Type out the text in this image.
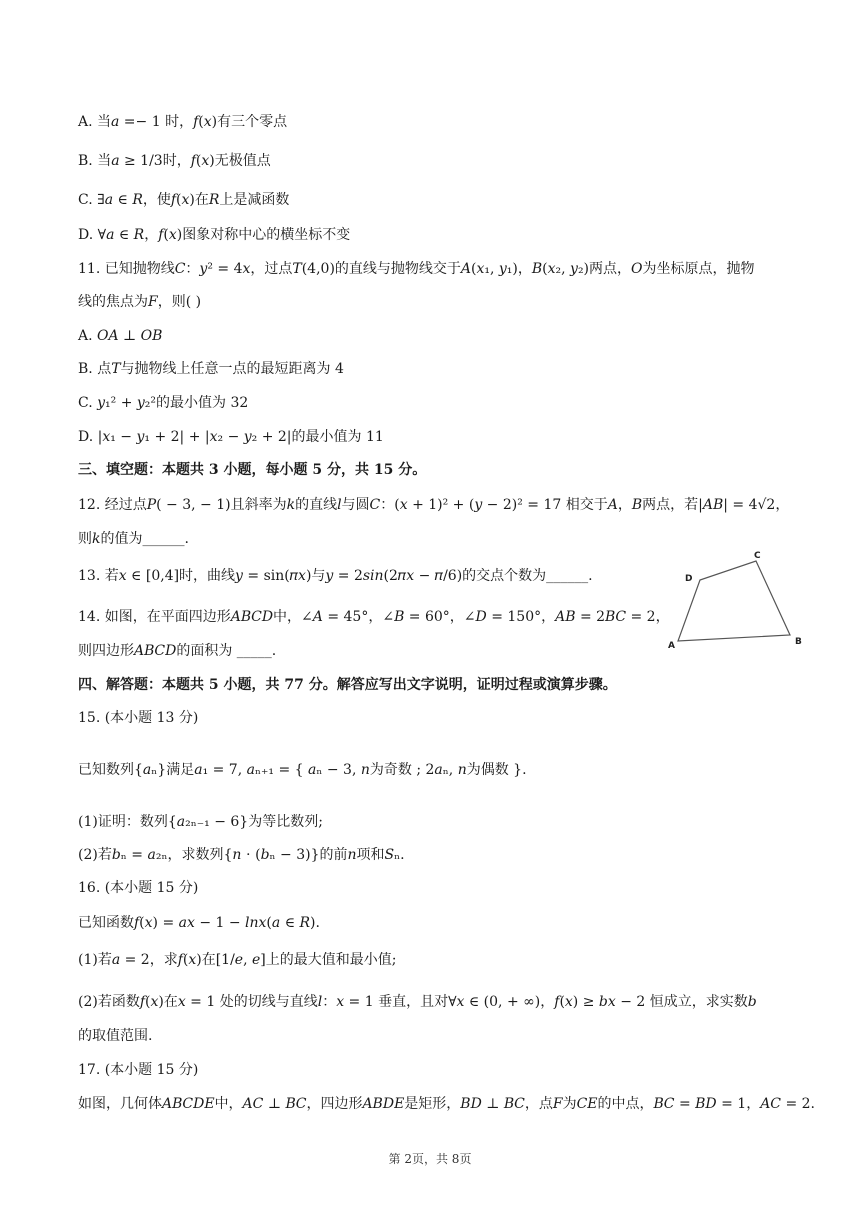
A. 当𝑎 =− 1 时，𝑓(𝑥)有三个零点
B. 当𝑎 ≥ 1/3时，𝑓(𝑥)无极值点
C. ∃𝑎 ∈ 𝑅，使𝑓(𝑥)在𝑅上是减函数
D. ∀𝑎 ∈ 𝑅，𝑓(𝑥)图象对称中心的横坐标不变
11. 已知抛物线𝐶：𝑦² = 4𝑥，过点𝑇(4,0)的直线与抛物线交于𝐴(𝑥₁, 𝑦₁)，𝐵(𝑥₂, 𝑦₂)两点，𝑂为坐标原点，抛物
线的焦点为𝐹，则( )
A. 𝑂𝐴 ⊥ 𝑂𝐵
B. 点𝑇与抛物线上任意一点的最短距离为 4
C. 𝑦₁² + 𝑦₂²的最小值为 32
D. |𝑥₁ − 𝑦₁ + 2| + |𝑥₂ − 𝑦₂ + 2|的最小值为 11
三、填空题：本题共 3 小题，每小题 5 分，共 15 分。
12. 经过点𝑃( − 3, − 1)且斜率为𝑘的直线𝑙与圆𝐶：(𝑥 + 1)² + (𝑦 − 2)² = 17 相交于𝐴，𝐵两点，若|𝐴𝐵| = 4√2，
则𝑘的值为______.
13. 若𝑥 ∈ [0,4]时，曲线𝑦 = sin(𝜋𝑥)与𝑦 = 2𝑠𝑖𝑛(2𝜋𝑥 − 𝜋/6)的交点个数为______.
14. 如图，在平面四边形𝐴𝐵𝐶𝐷中，∠𝐴 = 45°，∠𝐵 = 60°，∠𝐷 = 150°，𝐴𝐵 = 2𝐵𝐶 = 2，
则四边形𝐴𝐵𝐶𝐷的面积为 _____.	A	B
C
D
四、解答题：本题共 5 小题，共 77 分。解答应写出文字说明，证明过程或演算步骤。
15. (本小题 13 分)
已知数列{𝑎ₙ}满足𝑎₁ = 7, 𝑎ₙ₊₁ = { 𝑎ₙ − 3, 𝑛为奇数 ; 2𝑎ₙ, 𝑛为偶数 }.
(1)证明：数列{𝑎₂ₙ₋₁ − 6}为等比数列;
(2)若𝑏ₙ = 𝑎₂ₙ，求数列{𝑛 ⋅ (𝑏ₙ − 3)}的前𝑛项和𝑆ₙ.
16. (本小题 15 分)
已知函数𝑓(𝑥) = 𝑎𝑥 − 1 − 𝑙𝑛𝑥(𝑎 ∈ 𝑅).
(1)若𝑎 = 2，求𝑓(𝑥)在[1/𝑒, 𝑒]上的最大值和最小值;
(2)若函数𝑓(𝑥)在𝑥 = 1 处的切线与直线𝑙：𝑥 = 1 垂直，且对∀𝑥 ∈ (0, + ∞)，𝑓(𝑥) ≥ 𝑏𝑥 − 2 恒成立，求实数𝑏
的取值范围.
17. (本小题 15 分)
如图，几何体𝐴𝐵𝐶𝐷𝐸中，𝐴𝐶 ⊥ 𝐵𝐶，四边形𝐴𝐵𝐷𝐸是矩形，𝐵𝐷 ⊥ 𝐵𝐶，点𝐹为𝐶𝐸的中点，𝐵𝐶 = 𝐵𝐷 = 1，𝐴𝐶 = 2.
第 2页，共 8页
